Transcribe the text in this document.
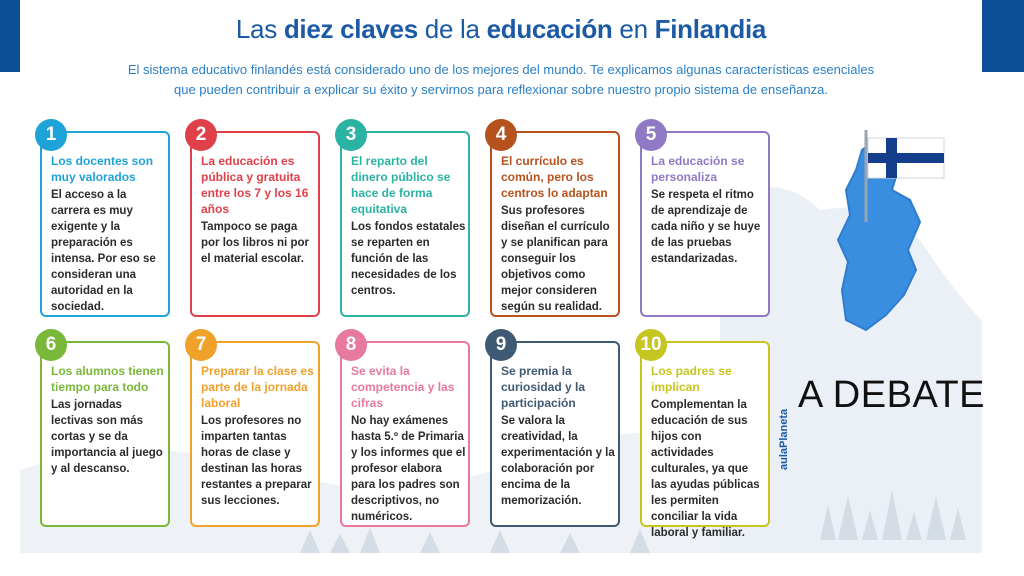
Las diez claves de la educación en Finlandia
El sistema educativo finlandés está considerado uno de los mejores del mundo. Te explicamos algunas características esenciales
que pueden contribuir a explicar su éxito y servirnos para reflexionar sobre nuestro propio sistema de enseñanza.
1
Los docentes son muy valorados
El acceso a la carrera es muy exigente y la preparación es intensa. Por eso se consideran una autoridad en la sociedad.
2
La educación es pública y gratuita entre los 7 y los 16 años
Tampoco se paga por los libros ni por el material escolar.
3
El reparto del dinero público se hace de forma equitativa
Los fondos estatales se reparten en función de las necesidades de los centros.
4
El currículo es común, pero los centros lo adaptan
Sus profesores diseñan el currículo y se planifican para conseguir los objetivos como mejor consideren según su realidad.
5
La educación se personaliza
Se respeta el ritmo de aprendizaje de cada niño y se huye de las pruebas estandarizadas.
6
Los alumnos tienen tiempo para todo
Las jornadas lectivas son más cortas y se da importancia al juego y al descanso.
7
Preparar la clase es parte de la jornada laboral
Los profesores no imparten tantas horas de clase y destinan las horas restantes a preparar sus lecciones.
8
Se evita la competencia y las cifras
No hay exámenes hasta 5.º de Primaria y los informes que el profesor elabora para los padres son descriptivos, no numéricos.
9
Se premia la curiosidad y la participación
Se valora la creatividad, la experimentación y la colaboración por encima de la memorización.
10
Los padres se implican
Complementan la educación de sus hijos con actividades culturales, ya que las ayudas públicas les permiten conciliar la vida laboral y familiar.
aulaPlaneta
A DEBATE
